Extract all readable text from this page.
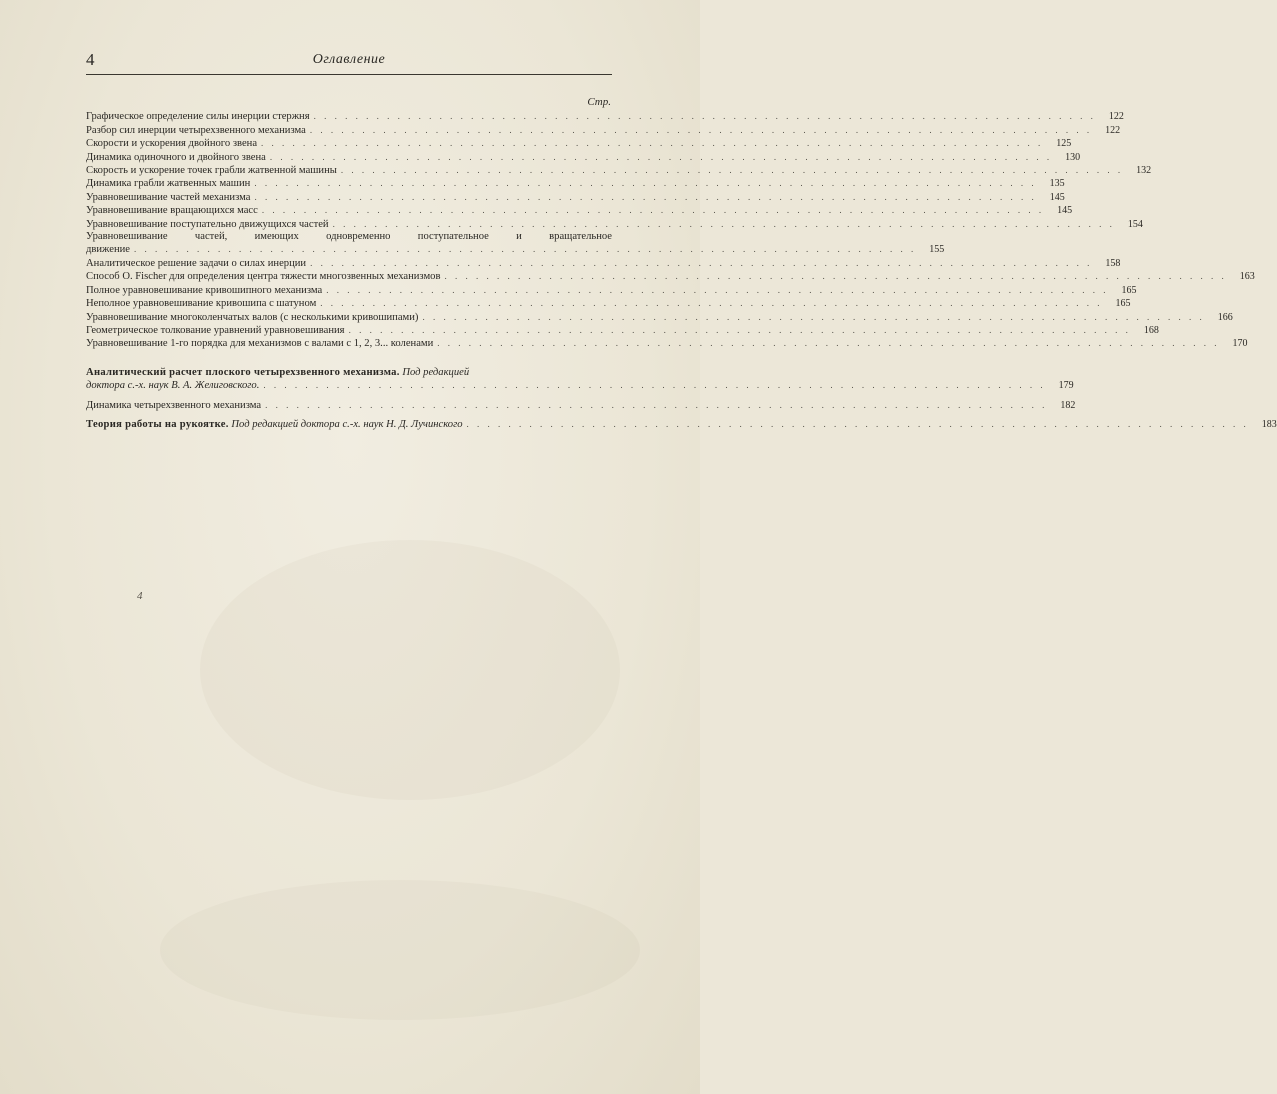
4	Оглавление
Стр.
Графическое определение силы инерции стержня . . .	122
Разбор сил инерции четырехзвенного механизма . . .	122
Скорости и ускорения двойного звена . . .	125
Динамика одиночного и двойного звена . . .	130
Скорость и ускорение точек грабли жатвенной машины . . .	132
Динамика грабли жатвенных машин . . .	135
Уравновешивание частей механизма . . .	145
Уравновешивание вращающихся масс . . .	145
Уравновешивание поступательно движущихся частей . . .	154
Уравновешивание частей, имеющих одновременно поступательное и вращательное
движение . . .	155
Аналитическое решение задачи о силах инерции . . .	158
Способ O. Fischer для определения центра тяжести многозвенных механизмов . . .	163
Полное уравновешивание кривошипного механизма . . .	165
Неполное уравновешивание кривошипа с шатуном . . .	165
Уравновешивание многоколенчатых валов (с несколькими кривошипами) . . .	166
Геометрическое толкование уравнений уравновешивания . . .	168
Уравновешивание 1-го порядка для механизмов с валами с 1, 2, 3... коленами . . .	170
Аналитический расчет плоского четырехзвенного механизма. Под редакцией
доктора с.-х. наук В. А. Желиговского. . . .	179
Динамика четырехзвенного механизма . . .	182
Теория работы на рукоятке. Под редакцией доктора с.-х. наук Н. Д. Лучинского . . .	183
4
